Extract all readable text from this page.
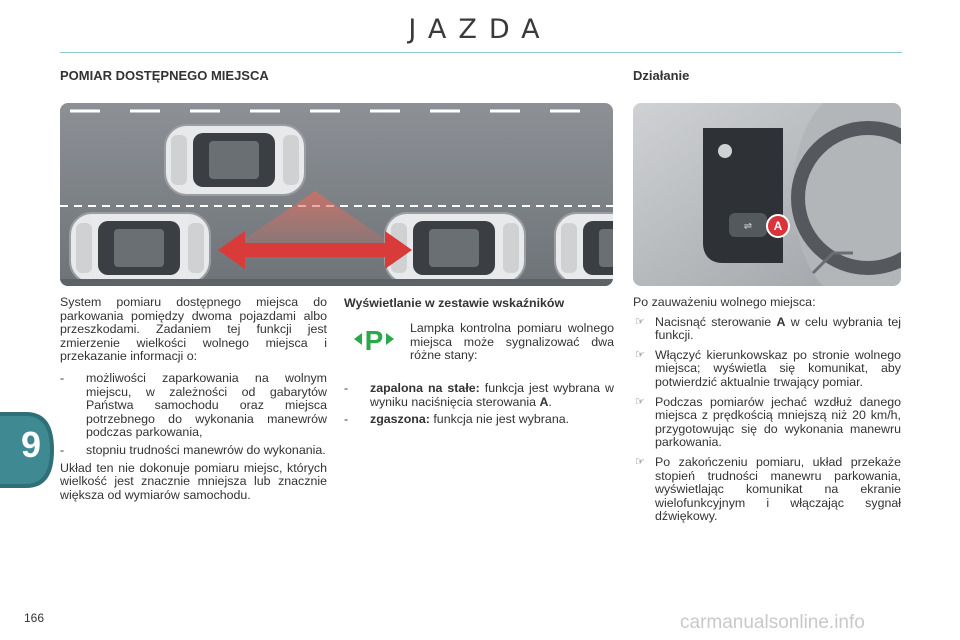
JAZDA
POMIAR DOSTĘPNEGO MIEJSCA

System pomiaru dostępnego miejsca do parkowania pomiędzy dwoma pojazdami albo przeszkodami. Zadaniem tej funkcji jest zmierzenie wielkości wolnego miejsca i przekazanie informacji o:

- możliwości zaparkowania na wolnym miejscu, w zależności od gabarytów Państwa samochodu oraz miejsca potrzebnego do wykonania manewrów podczas parkowania,
- stopniu trudności manewrów do wykonania.

Układ ten nie dokonuje pomiaru miejsc, których wielkość jest znacznie mniejsza lub znacznie większa od wymiarów samochodu.

Wyświetlanie w zestawie wskaźników
P Lampka kontrolna pomiaru wolnego miejsca może sygnalizować dwa różne stany:
- zapalona na stałe: funkcja jest wybrana w wyniku naciśnięcia sterowania A.
- zgaszona: funkcja nie jest wybrana.
Działanie
⇌ A

Po zauważeniu wolnego miejsca:

☞ Nacisnąć sterowanie A w celu wybrania tej funkcji.
☞ Włączyć kierunkowskaz po stronie wolnego miejsca; wyświetla się komunikat, aby potwierdzić aktualnie trwający pomiar.
☞ Podczas pomiarów jechać wzdłuż danego miejsca z prędkością mniejszą niż 20 km/h, przygotowując się do wykonania manewru parkowania.
☞ Po zakończeniu pomiaru, układ przekaże stopień trudności manewru parkowania, wyświetlając komunikat na ekranie wielofunkcyjnym i włączając sygnał dźwiękowy.
9
166	carmanualsonline.info
